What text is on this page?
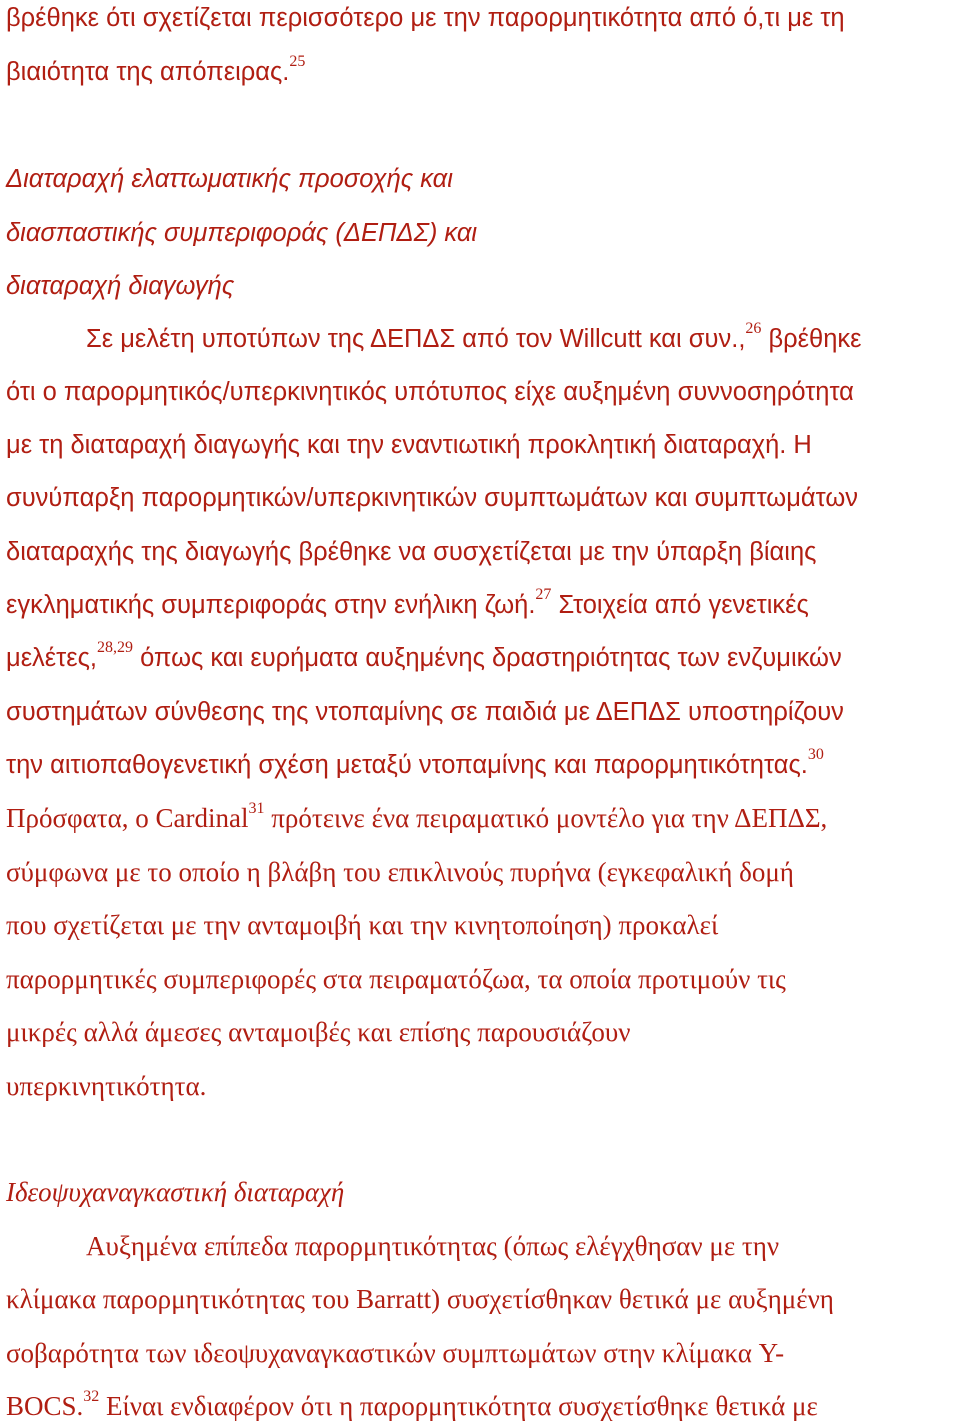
βρέθηκε ότι σχετίζεται περισσότερο με την παρορμητικότητα από ό,τι με τη
βιαιότητα της απόπειρας.$^{25}$
Διαταραχή ελαττωματικής προσοχής και
διασπαστικής συμπεριφοράς (ΔΕΠΔΣ) και
διαταραχή διαγωγής
Σε μελέτη υποτύπων της ΔΕΠΔΣ από τον Willcutt και συν.,$^{26}$ βρέθηκε
ότι ο παρορμητικός/υπερκινητικός υπότυπος είχε αυξημένη συννοσηρότητα
με τη διαταραχή διαγωγής και την εναντιωτική προκλητική διαταραχή. Η
συνύπαρξη παρορμητικών/υπερκινητικών συμπτωμάτων και συμπτωμάτων
διαταραχής της διαγωγής βρέθηκε να συσχετίζεται με την ύπαρξη βίαιης
εγκληματικής συμπεριφοράς στην ενήλικη ζωή.$^{27}$ Στοιχεία από γενετικές
μελέτες,$^{28,29}$ όπως και ευρήματα αυξημένης δραστηριότητας των ενζυμικών
συστημάτων σύνθεσης της ντοπαμίνης σε παιδιά με ΔΕΠΔΣ υποστηρίζουν
την αιτιοπαθογενετική σχέση μεταξύ ντοπαμίνης και παρορμητικότητας.$^{30}$
Πρόσφατα, ο Cardinal$^{31}$ πρότεινε ένα πειραματικό μοντέλο για την ΔΕΠΔΣ,
σύμφωνα με το οποίο η βλάβη του επικλινούς πυρήνα (εγκεφαλική δομή
που σχετίζεται με την ανταμοιβή και την κινητοποίηση) προκαλεί
παρορμητικές συμπεριφορές στα πειραματόζωα, τα οποία προτιμούν τις
μικρές αλλά άμεσες ανταμοιβές και επίσης παρουσιάζουν
υπερκινητικότητα.
Ιδεοψυχαναγκαστική διαταραχή
Αυξημένα επίπεδα παρορμητικότητας (όπως ελέγχθησαν με την
κλίμακα παρορμητικότητας του Barratt) συσχετίσθηκαν θετικά με αυξημένη
σοβαρότητα των ιδεοψυχαναγκαστικών συμπτωμάτων στην κλίμακα Y-
BOCS.$^{32}$ Είναι ενδιαφέρον ότι η παρορμητικότητα συσχετίσθηκε θετικά με
